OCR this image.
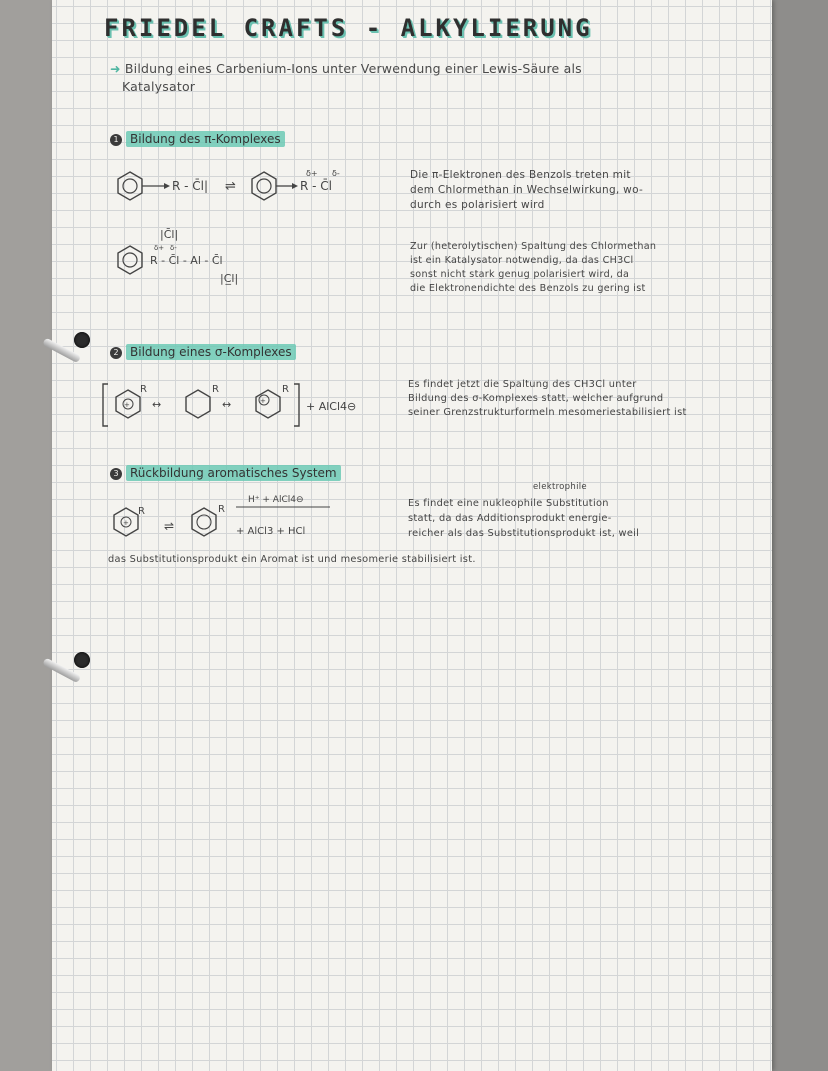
FRIEDEL CRAFTS - ALKYLIERUNG
➜ Bildung eines Carbenium-Ions unter Verwendung einer Lewis-Säure als
Katalysator
1 Bildung des π-Komplexes
R - C̄l| ⇌	R - C̄l
δ+ δ-
|C̄l|
δ+ δ-
R - C̄l - Al - C̄l
|C̲l|
Die π-Elektronen des Benzols treten mit
dem Chlormethan in Wechselwirkung, wo-
durch es polarisiert wird
Zur (heterolytischen) Spaltung des Chlormethan
ist ein Katalysator notwendig, da das CH3Cl
sonst nicht stark genug polarisiert wird, da
die Elektronendichte des Benzols zu gering ist
2 Bildung eines σ-Komplexes
+
R
↔
R
↔	+
R
+ AlCl4⊖
Es findet jetzt die Spaltung des CH3Cl unter
Bildung des σ-Komplexes statt, welcher aufgrund
seiner Grenzstrukturformeln mesomeriestabilisiert ist
3 Rückbildung aromatisches System
+
R
⇌
R
H⁺ + AlCl4⊖
+ AlCl3 + HCl
elektrophile
Es findet eine nukleophile Substitution
statt, da das Additionsprodukt energie-
reicher als das Substitutionsprodukt ist, weil
das Substitutionsprodukt ein Aromat ist und mesomerie stabilisiert ist.
